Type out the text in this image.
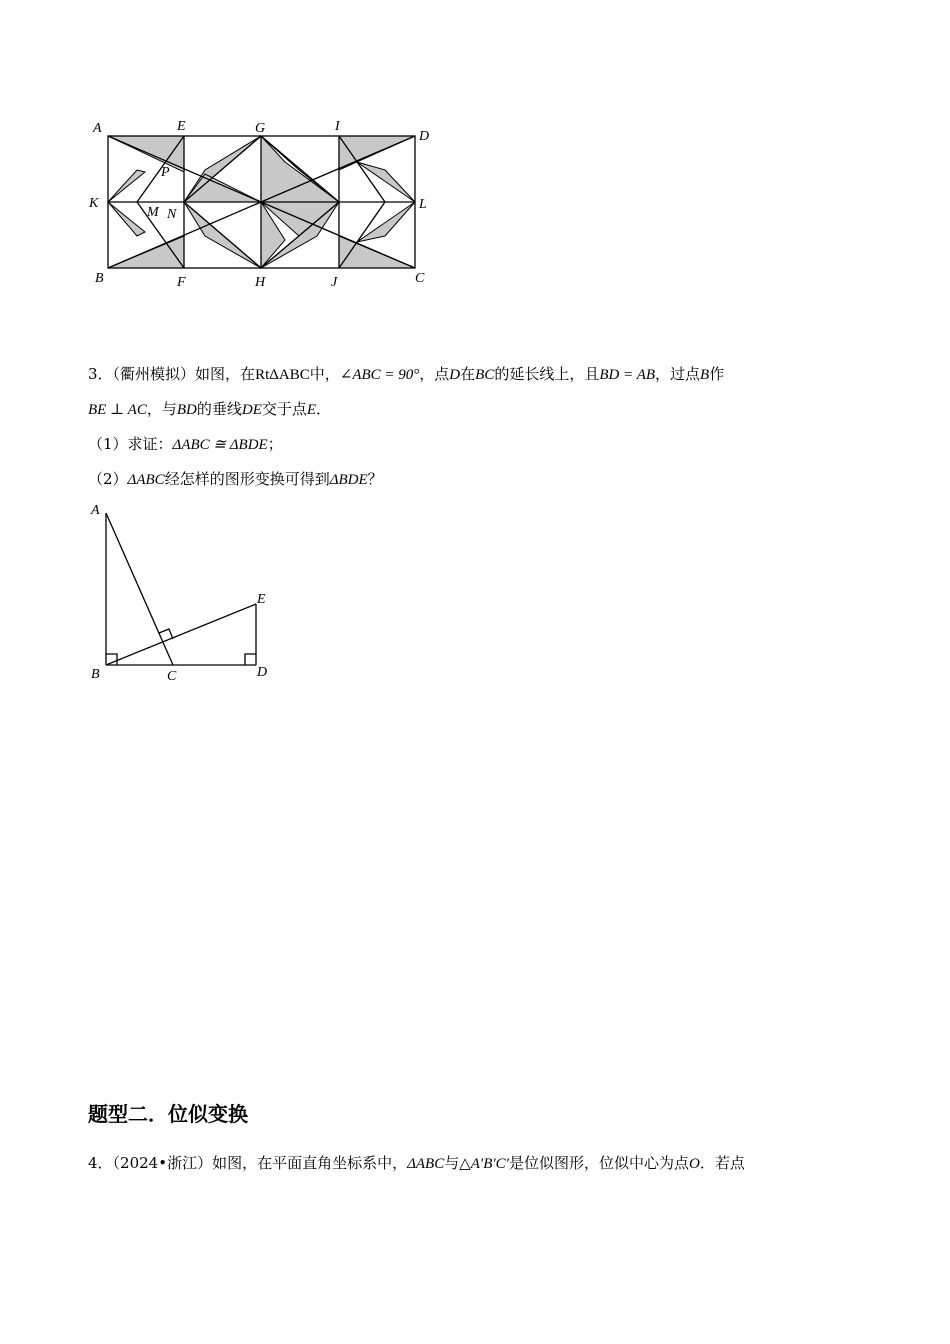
A	E	G	I
D
K
P
M N
L
B	F	H	J	C
3．（衢州模拟）如图，在RtΔABC中，∠ABC = 90°，点D在BC的延长线上，且BD = AB，过点B作
BE ⊥ AC，与BD的垂线DE交于点E．
（1）求证：ΔABC ≅ ΔBDE；
（2）ΔABC经怎样的图形变换可得到ΔBDE？
A
E
B	C	D
题型二．位似变换
4．（2024•浙江）如图，在平面直角坐标系中，ΔABC与△A′B′C′是位似图形，位似中心为点O．若点
